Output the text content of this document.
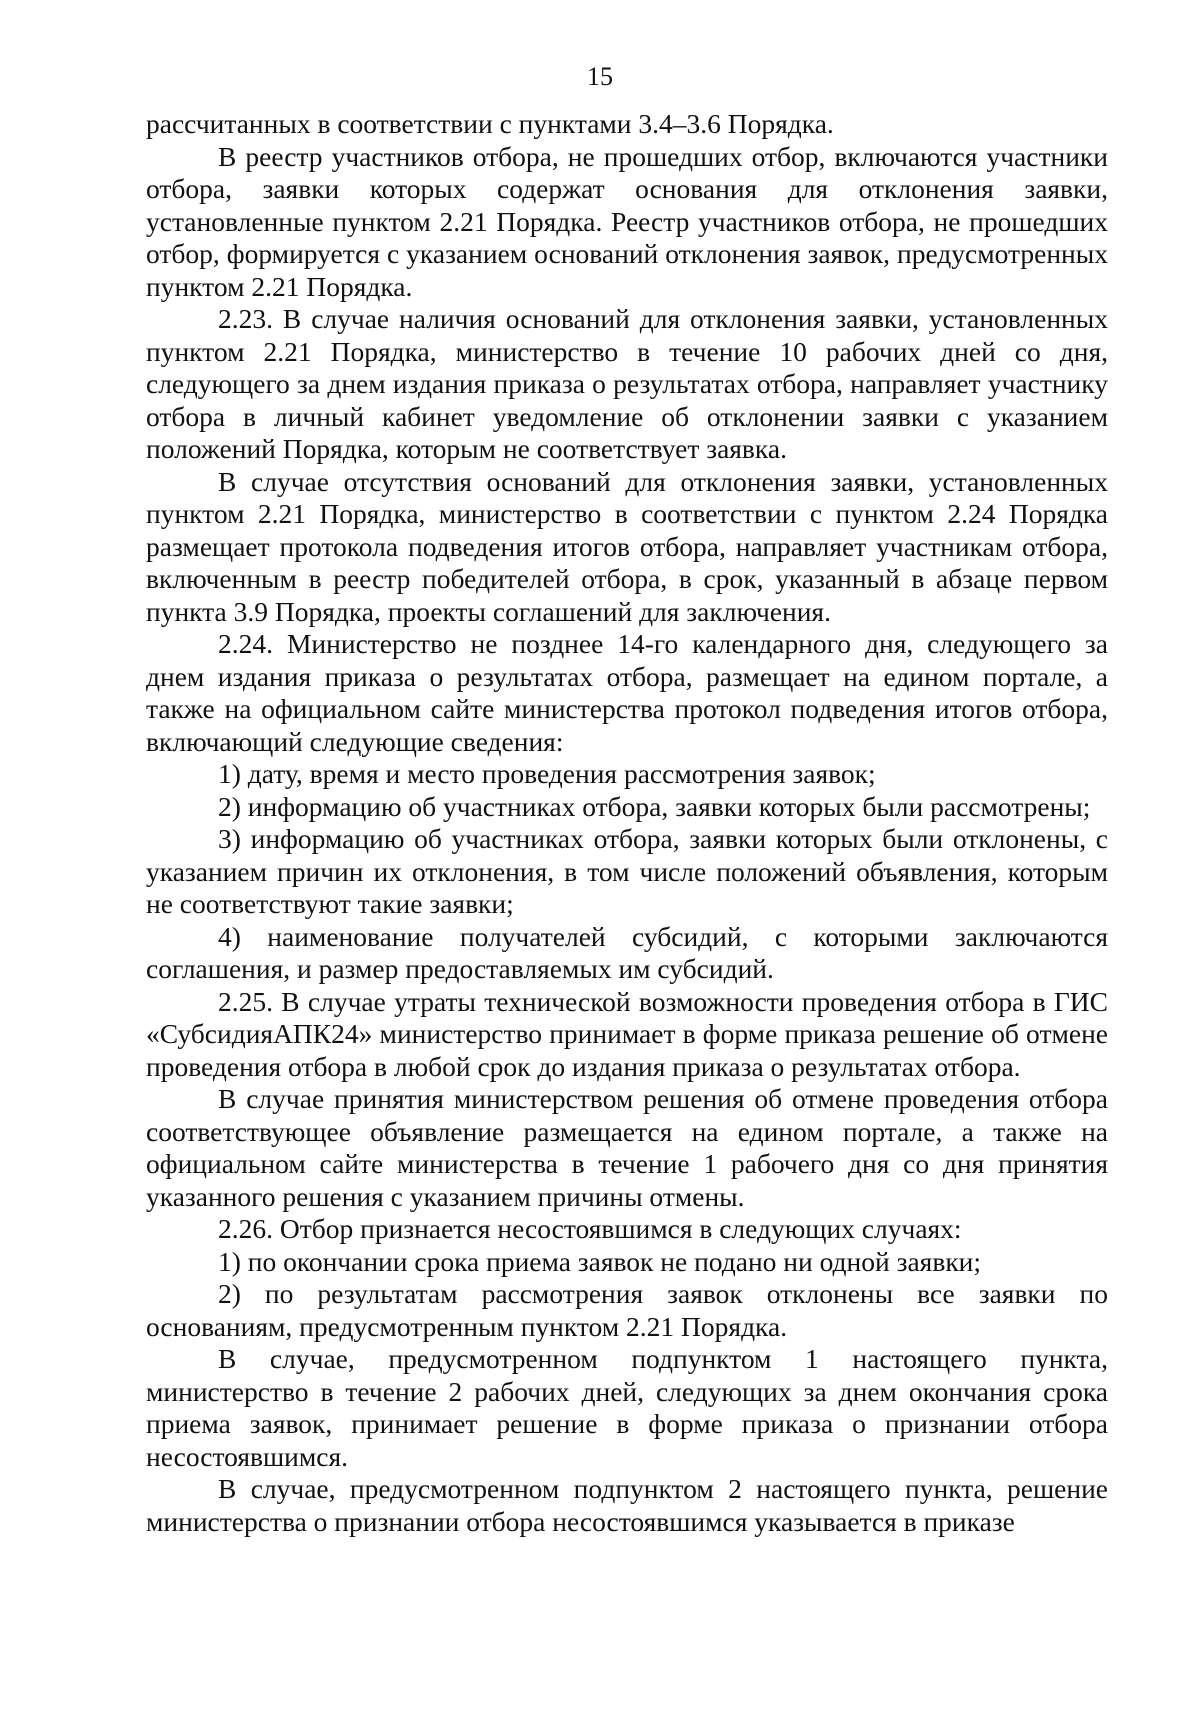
15

рассчитанных в соответствии с пунктами 3.4–3.6 Порядка.

В реестр участников отбора, не прошедших отбор, включаются участники отбора, заявки которых содержат основания для отклонения заявки, установленные пунктом 2.21 Порядка. Реестр участников отбора, не прошедших отбор, формируется с указанием оснований отклонения заявок, предусмотренных пунктом 2.21 Порядка.

2.23. В случае наличия оснований для отклонения заявки, установленных пунктом 2.21 Порядка, министерство в течение 10 рабочих дней со дня, следующего за днем издания приказа о результатах отбора, направляет участнику отбора в личный кабинет уведомление об отклонении заявки с указанием положений Порядка, которым не соответствует заявка.

В случае отсутствия оснований для отклонения заявки, установленных пунктом 2.21 Порядка, министерство в соответствии с пунктом 2.24 Порядка размещает протокола подведения итогов отбора, направляет участникам отбора, включенным в реестр победителей отбора, в срок, указанный в абзаце первом пункта 3.9 Порядка, проекты соглашений для заключения.

2.24. Министерство не позднее 14-го календарного дня, следующего за днем издания приказа о результатах отбора, размещает на едином портале, а также на официальном сайте министерства протокол подведения итогов отбора, включающий следующие сведения:

1) дату, время и место проведения рассмотрения заявок;

2) информацию об участниках отбора, заявки которых были рассмотрены;

3) информацию об участниках отбора, заявки которых были отклонены, с указанием причин их отклонения, в том числе положений объявления, которым не соответствуют такие заявки;

4) наименование получателей субсидий, с которыми заключаются соглашения, и размер предоставляемых им субсидий.

2.25. В случае утраты технической возможности проведения отбора в ГИС «СубсидияАПК24» министерство принимает в форме приказа решение об отмене проведения отбора в любой срок до издания приказа о результатах отбора.

В случае принятия министерством решения об отмене проведения отбора соответствующее объявление размещается на едином портале, а также на официальном сайте министерства в течение 1 рабочего дня со дня принятия указанного решения с указанием причины отмены.

2.26. Отбор признается несостоявшимся в следующих случаях:

1) по окончании срока приема заявок не подано ни одной заявки;

2) по результатам рассмотрения заявок отклонены все заявки по основаниям, предусмотренным пунктом 2.21 Порядка.

В случае, предусмотренном подпунктом 1 настоящего пункта, министерство в течение 2 рабочих дней, следующих за днем окончания срока приема заявок, принимает решение в форме приказа о признании отбора несостоявшимся.

В случае, предусмотренном подпунктом 2 настоящего пункта, решение министерства о признании отбора несостоявшимся указывается в приказе
